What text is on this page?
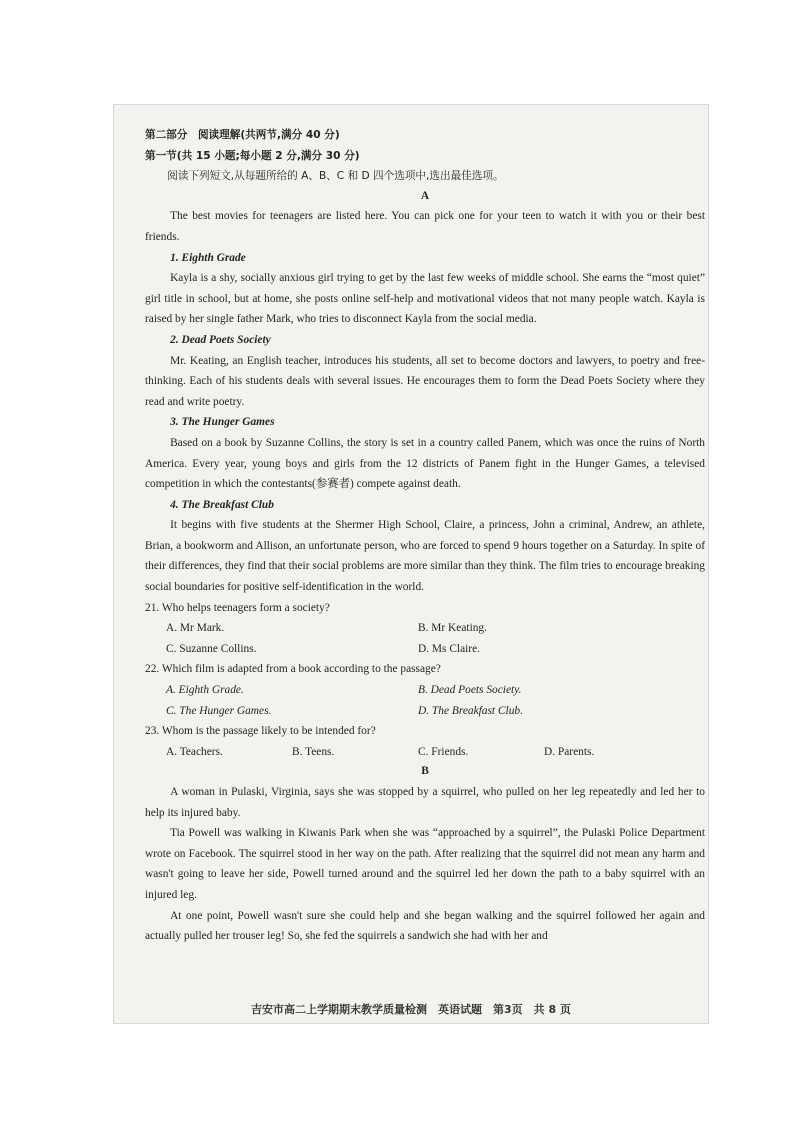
第二部分　阅读理解(共两节,满分 40 分)

第一节(共 15 小题;每小题 2 分,满分 30 分)

阅读下列短文,从每题所给的 A、B、C 和 D 四个选项中,选出最佳选项。

A

The best movies for teenagers are listed here. You can pick one for your teen to watch it with you or their best friends.

1. Eighth Grade

Kayla is a shy, socially anxious girl trying to get by the last few weeks of middle school. She earns the “most quiet” girl title in school, but at home, she posts online self-help and motivational videos that not many people watch. Kayla is raised by her single father Mark, who tries to disconnect Kayla from the social media.

2. Dead Poets Society

Mr. Keating, an English teacher, introduces his students, all set to become doctors and lawyers, to poetry and free-thinking. Each of his students deals with several issues. He encourages them to form the Dead Poets Society where they read and write poetry.

3. The Hunger Games

Based on a book by Suzanne Collins, the story is set in a country called Panem, which was once the ruins of North America. Every year, young boys and girls from the 12 districts of Panem fight in the Hunger Games, a televised competition in which the contestants(参赛者) compete against death.

4. The Breakfast Club

It begins with five students at the Shermer High School, Claire, a princess, John a criminal, Andrew, an athlete, Brian, a bookworm and Allison, an unfortunate person, who are forced to spend 9 hours together on a Saturday. In spite of their differences, they find that their social problems are more similar than they think. The film tries to encourage breaking social boundaries for positive self-identification in the world.

21. Who helps teenagers form a society?

A. Mr Mark.	B. Mr Keating.
C. Suzanne Collins.	D. Ms Claire.

22. Which film is adapted from a book according to the passage?

A. Eighth Grade.	B. Dead Poets Society.
C. The Hunger Games.	D. The Breakfast Club.

23. Whom is the passage likely to be intended for?

A. Teachers.	B. Teens.	C. Friends.	D. Parents.

B

A woman in Pulaski, Virginia, says she was stopped by a squirrel, who pulled on her leg repeatedly and led her to help its injured baby.

Tia Powell was walking in Kiwanis Park when she was “approached by a squirrel”, the Pulaski Police Department wrote on Facebook. The squirrel stood in her way on the path. After realizing that the squirrel did not mean any harm and wasn't going to leave her side, Powell turned around and the squirrel led her down the path to a baby squirrel with an injured leg.

At one point, Powell wasn't sure she could help and she began walking and the squirrel followed her again and actually pulled her trouser leg! So, she fed the squirrels a sandwich she had with her and

吉安市高二上学期期末教学质量检测　英语试题　第3页　共 8 页
